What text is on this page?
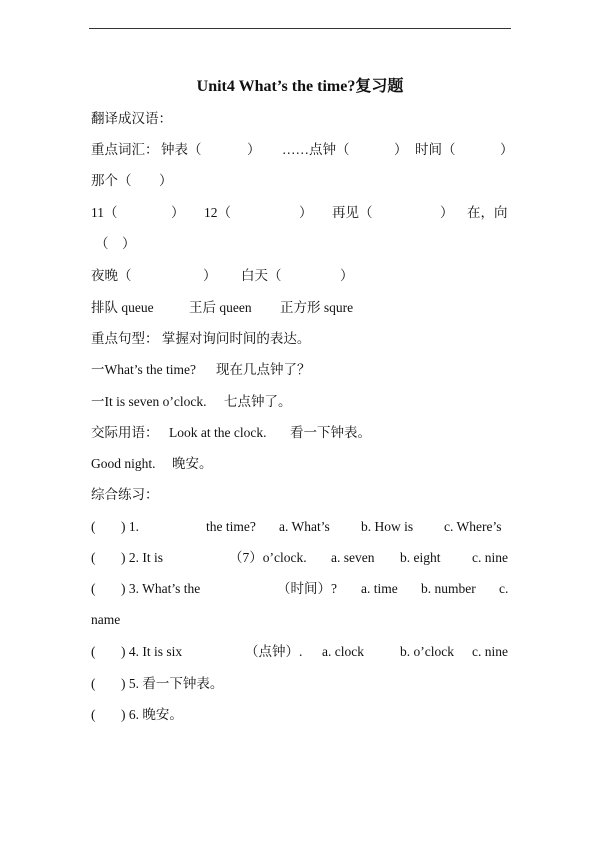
Unit4 What’s the time?复习题
翻译成汉语：
重点词汇： 钟表（	） ……点钟（	） 时间（	）
那个（ ）
11（	） 12（	） 再见（	） 在，向
（　）
夜晚（	） 白天（	）
排队 queue	王后 queen 正方形 squre
重点句型： 掌握对询问时间的表达。
一What’s the time? 现在几点钟了？
一It is seven o’clock. 七点钟了。
交际用语： Look at the clock. 看一下钟表。
Good night. 晚安。
综合练习：
( ) 1.	the time? a. What’s b. How is c. Where’s
( ) 2. It is	（7）o’clock. a. seven b. eight c. nine
( ) 3. What’s the	（时间）? a. time b. number c.
name
( ) 4. It is six	（点钟）. a. clock	b. o’clock c. nine
( ) 5. 看一下钟表。
( ) 6. 晚安。
